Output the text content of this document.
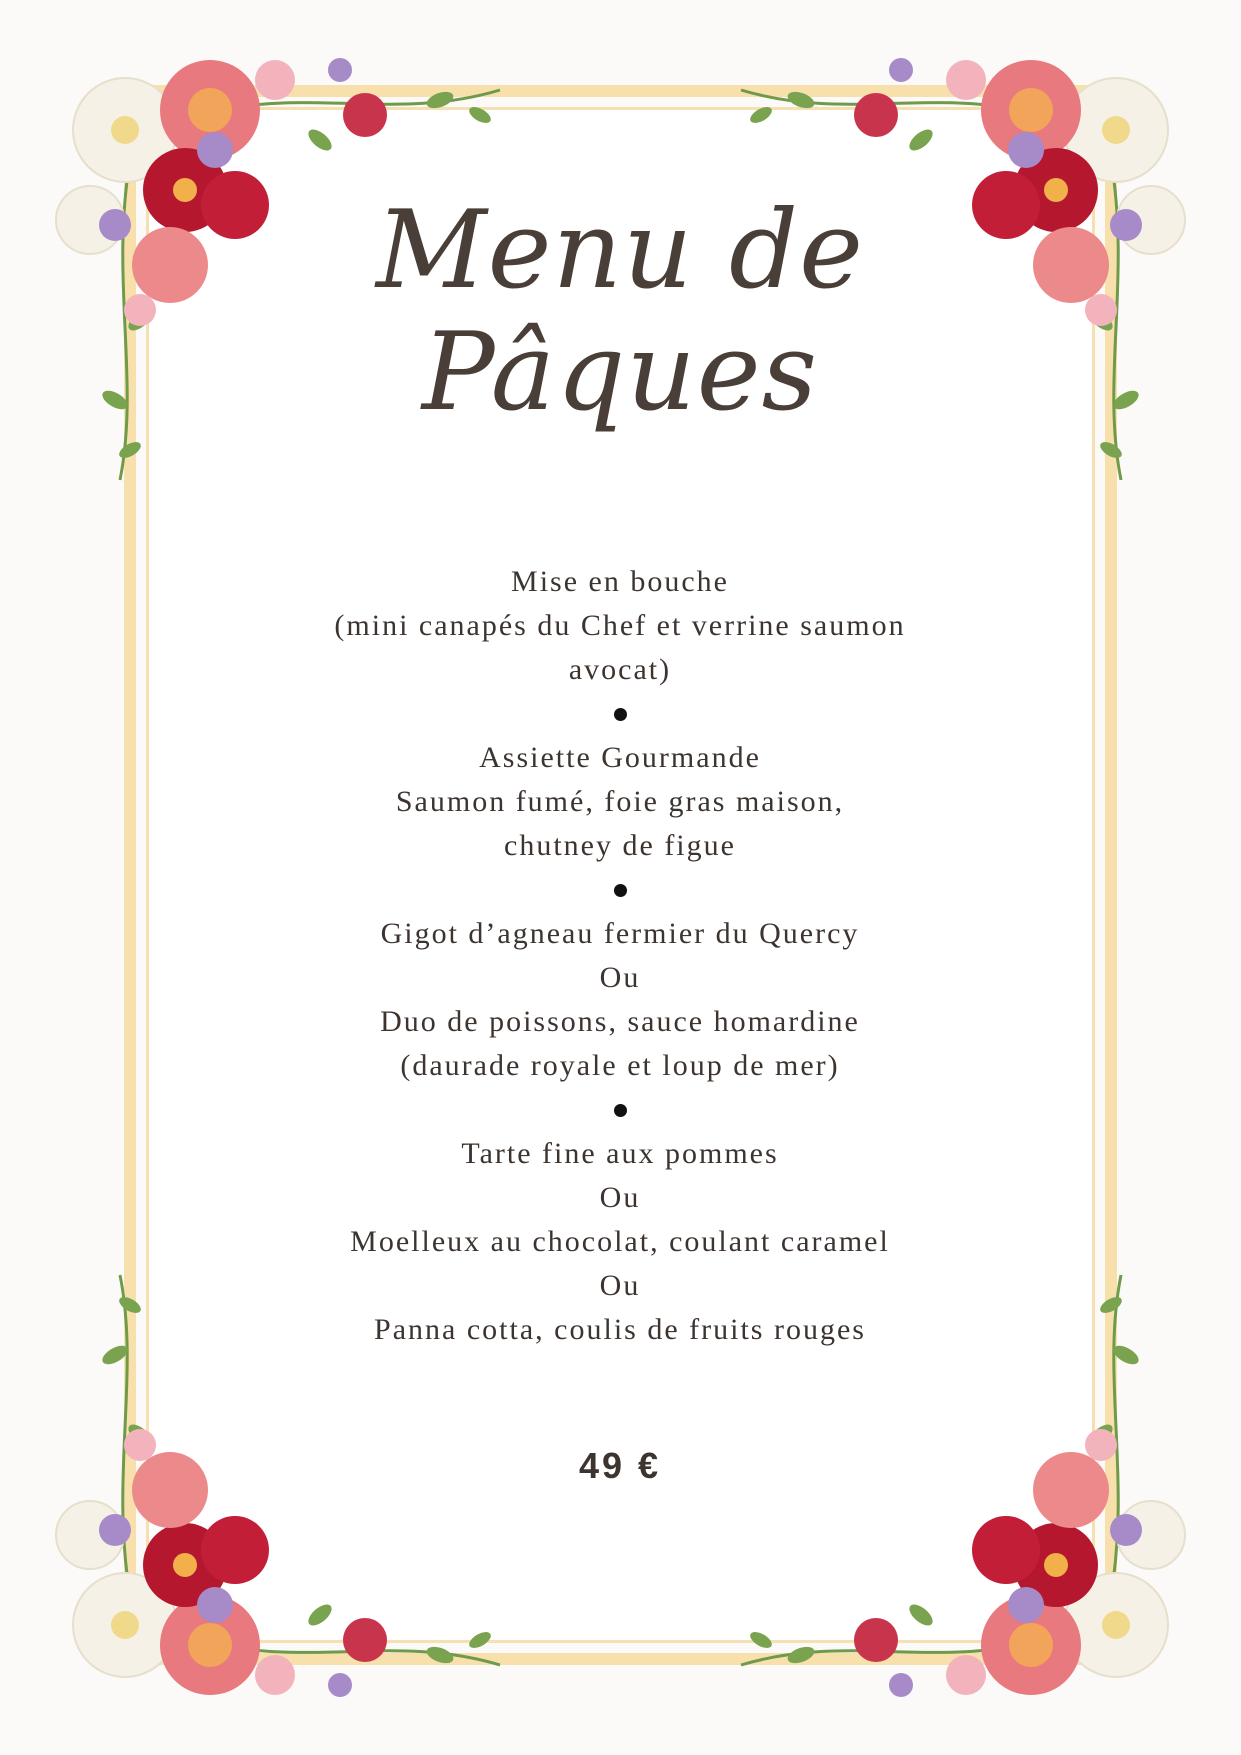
Menu de
Pâques
Mise en bouche
(mini canapés du Chef et verrine saumon
avocat)
Assiette Gourmande
Saumon fumé, foie gras maison,
chutney de figue
Gigot d’agneau fermier du Quercy
Ou
Duo de poissons, sauce homardine
(daurade royale et loup de mer)
Tarte fine aux pommes
Ou
Moelleux au chocolat, coulant caramel
Ou
Panna cotta, coulis de fruits rouges
49 €
